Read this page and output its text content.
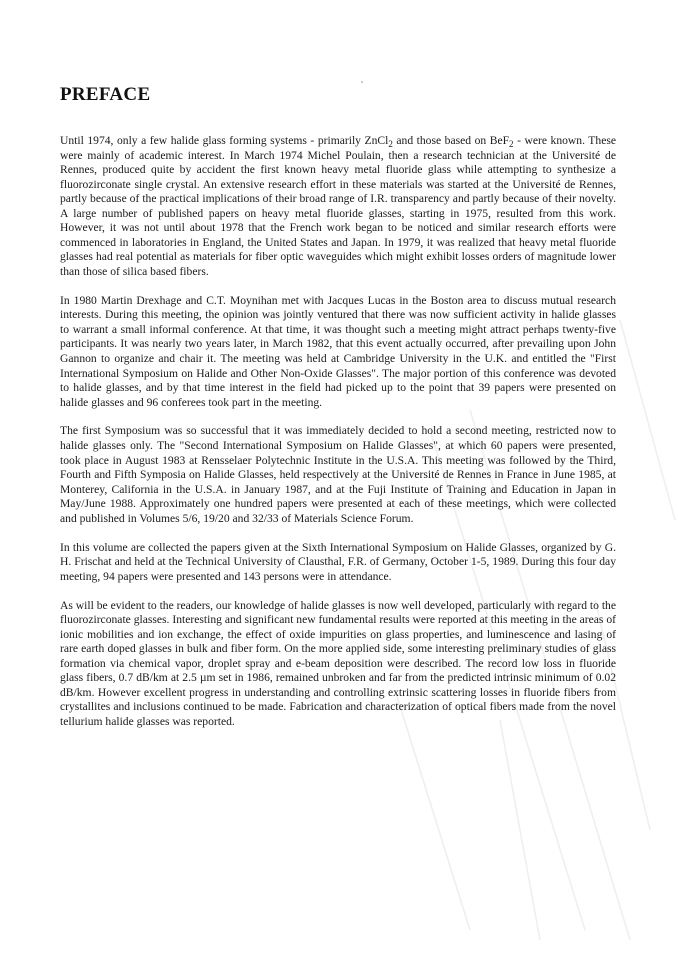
PREFACE

Until 1974, only a few halide glass forming systems - primarily ZnCl$_2$ and those based on BeF$_2$ - were known. These were mainly of academic interest. In March 1974 Michel Poulain, then a research technician at the Université de Rennes, produced quite by accident the first known heavy metal fluoride glass while attempting to synthesize a fluorozirconate single crystal. An extensive research effort in these materials was started at the Université de Rennes, partly because of the practical implications of their broad range of I.R. transparency and partly because of their novelty. A large number of published papers on heavy metal fluoride glasses, starting in 1975, resulted from this work. However, it was not until about 1978 that the French work began to be noticed and similar research efforts were commenced in laboratories in England, the United States and Japan. In 1979, it was realized that heavy metal fluoride glasses had real potential as materials for fiber optic waveguides which might exhibit losses orders of magnitude lower than those of silica based fibers.

In 1980 Martin Drexhage and C.T. Moynihan met with Jacques Lucas in the Boston area to discuss mutual research interests. During this meeting, the opinion was jointly ventured that there was now sufficient activity in halide glasses to warrant a small informal conference. At that time, it was thought such a meeting might attract perhaps twenty-five participants. It was nearly two years later, in March 1982, that this event actually occurred, after prevailing upon John Gannon to organize and chair it. The meeting was held at Cambridge University in the U.K. and entitled the "First International Symposium on Halide and Other Non-Oxide Glasses". The major portion of this conference was devoted to halide glasses, and by that time interest in the field had picked up to the point that 39 papers were presented on halide glasses and 96 conferees took part in the meeting.

The first Symposium was so successful that it was immediately decided to hold a second meeting, restricted now to halide glasses only. The "Second International Symposium on Halide Glasses", at which 60 papers were presented, took place in August 1983 at Rensselaer Polytechnic Institute in the U.S.A. This meeting was followed by the Third, Fourth and Fifth Symposia on Halide Glasses, held respectively at the Université de Rennes in France in June 1985, at Monterey, California in the U.S.A. in January 1987, and at the Fuji Institute of Training and Education in Japan in May/June 1988. Approximately one hundred papers were presented at each of these meetings, which were collected and published in Volumes 5/6, 19/20 and 32/33 of Materials Science Forum.

In this volume are collected the papers given at the Sixth International Symposium on Halide Glasses, organized by G. H. Frischat and held at the Technical University of Clausthal, F.R. of Germany, October 1-5, 1989. During this four day meeting, 94 papers were presented and 143 persons were in attendance.

As will be evident to the readers, our knowledge of halide glasses is now well developed, particularly with regard to the fluorozirconate glasses. Interesting and significant new fundamental results were reported at this meeting in the areas of ionic mobilities and ion exchange, the effect of oxide impurities on glass properties, and luminescence and lasing of rare earth doped glasses in bulk and fiber form. On the more applied side, some interesting preliminary studies of glass formation via chemical vapor, droplet spray and e-beam deposition were described. The record low loss in fluoride glass fibers, 0.7 dB/km at 2.5 µm set in 1986, remained unbroken and far from the predicted intrinsic minimum of 0.02 dB/km. However excellent progress in understanding and controlling extrinsic scattering losses in fluoride fibers from crystallites and inclusions continued to be made. Fabrication and characterization of optical fibers made from the novel tellurium halide glasses was reported.
